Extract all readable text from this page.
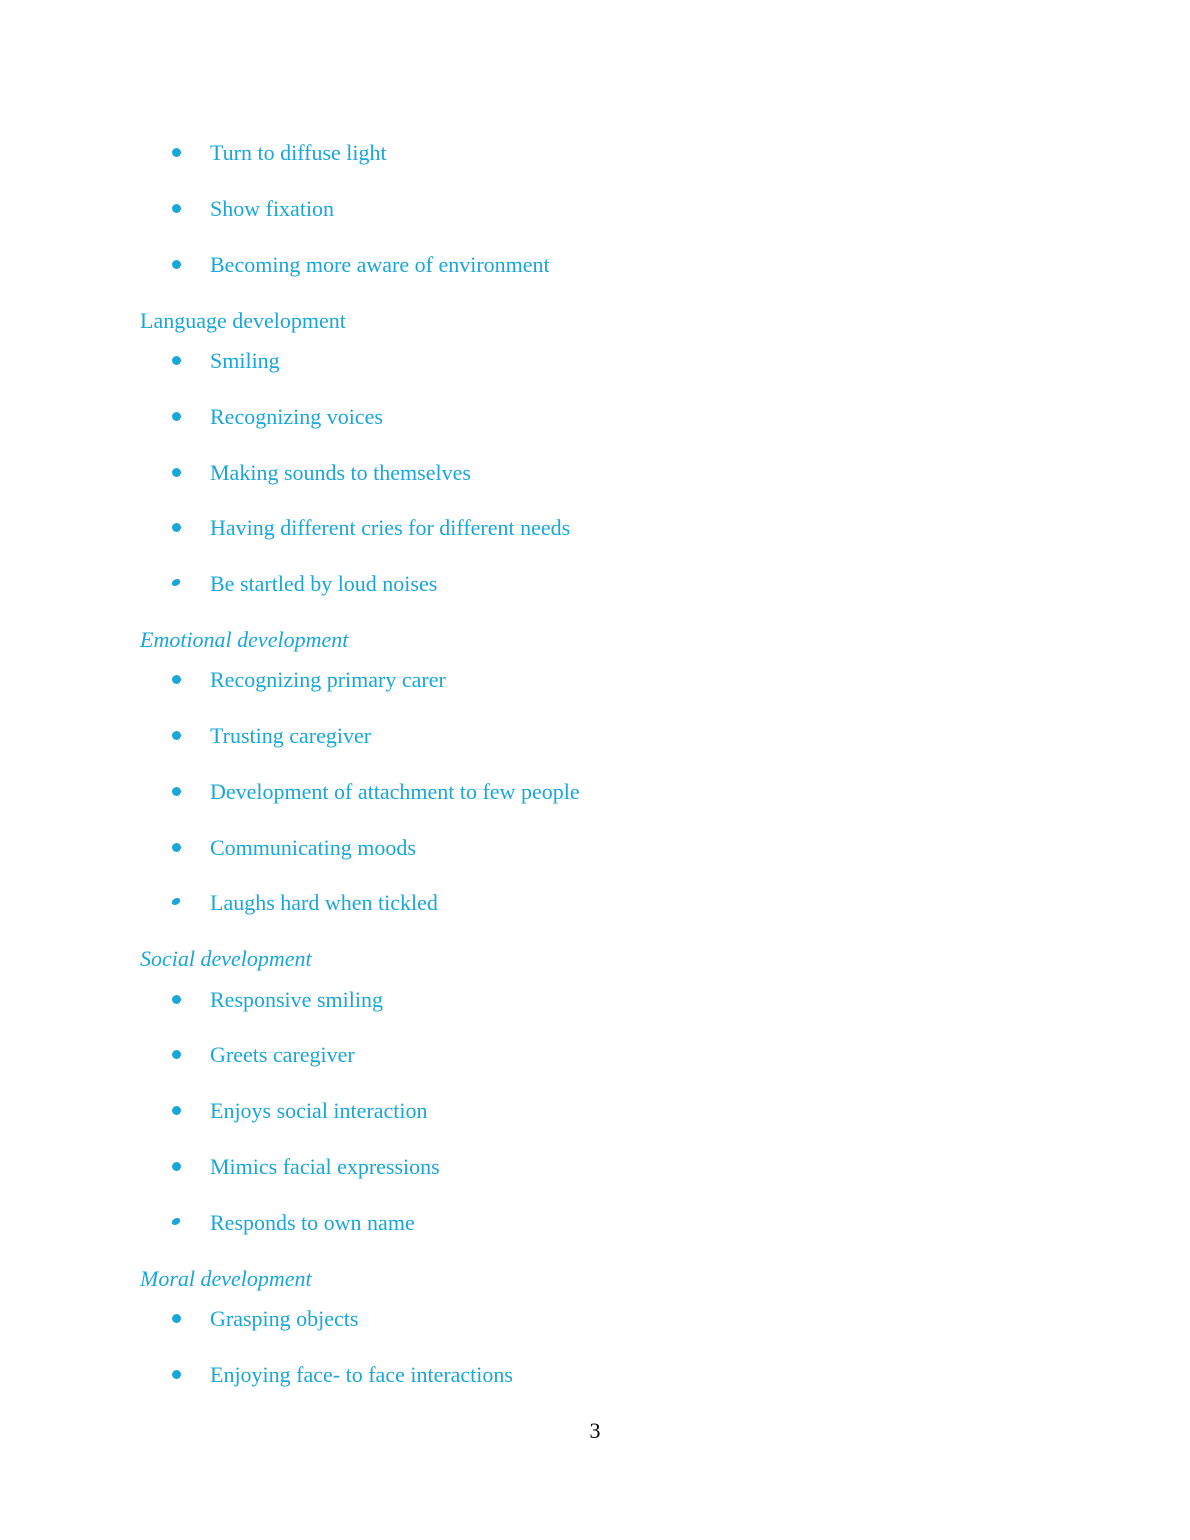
Turn to diffuse light
Show fixation
Becoming more aware of environment
Language development
Smiling
Recognizing voices
Making sounds to themselves
Having different cries for different needs
Be startled by loud noises
Emotional development
Recognizing primary carer
Trusting caregiver
Development of attachment to few people
Communicating moods
Laughs hard when tickled
Social development
Responsive smiling
Greets caregiver
Enjoys social interaction
Mimics facial expressions
Responds to own name
Moral development
Grasping objects
Enjoying face- to face interactions
3
